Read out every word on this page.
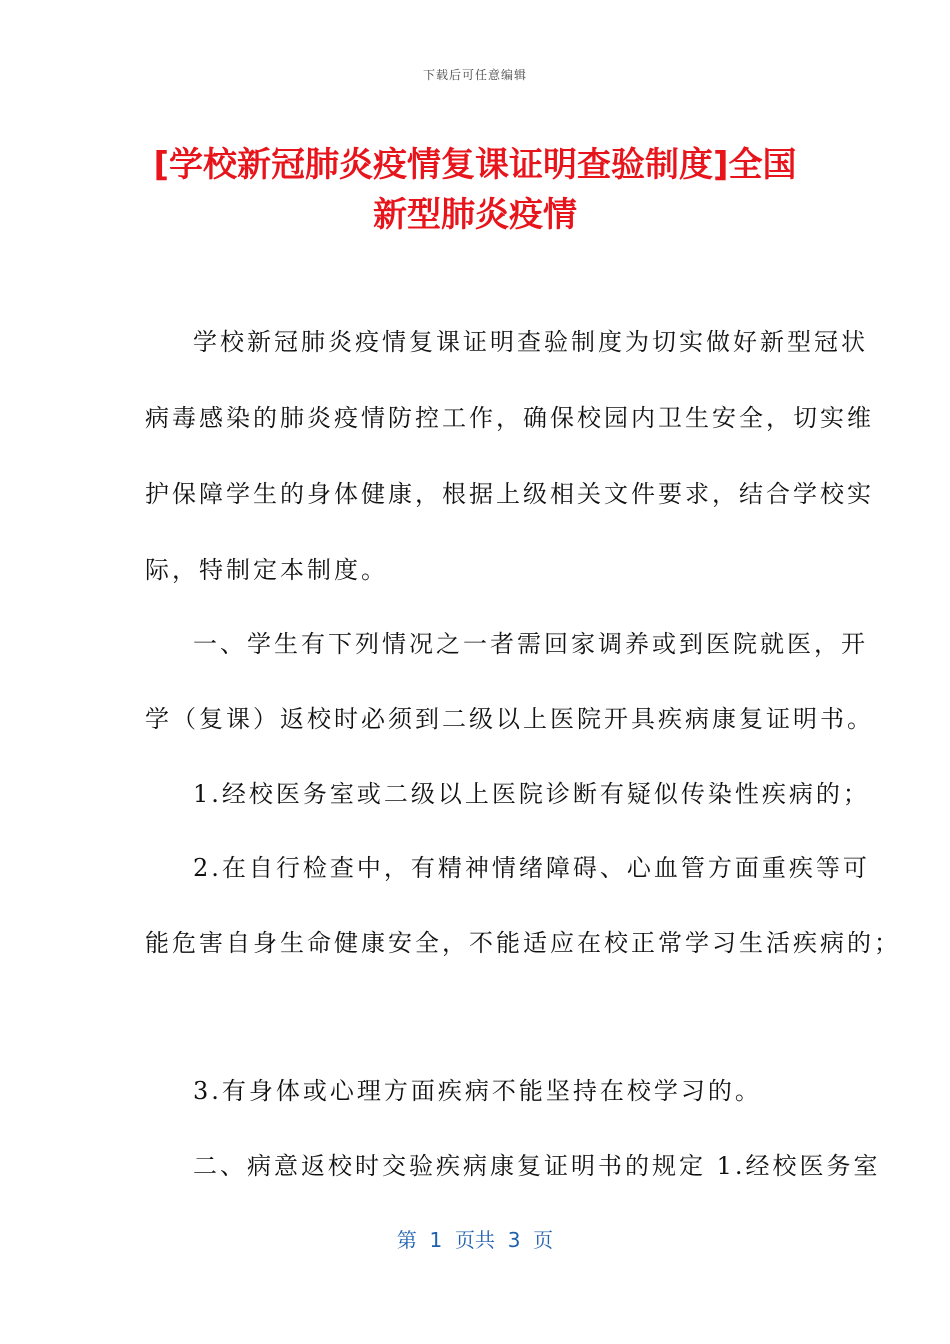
下载后可任意编辑
[学校新冠肺炎疫情复课证明查验制度]全国
新型肺炎疫情
学校新冠肺炎疫情复课证明查验制度为切实做好新型冠状
病毒感染的肺炎疫情防控工作，确保校园内卫生安全，切实维
护保障学生的身体健康，根据上级相关文件要求，结合学校实
际，特制定本制度。
一、学生有下列情况之一者需回家调养或到医院就医，开
学（复课）返校时必须到二级以上医院开具疾病康复证明书。
1.经校医务室或二级以上医院诊断有疑似传染性疾病的；
2.在自行检查中，有精神情绪障碍、心血管方面重疾等可
能危害自身生命健康安全，不能适应在校正常学习生活疾病的；
3.有身体或心理方面疾病不能坚持在校学习的。
二、病意返校时交验疾病康复证明书的规定 1.经校医务室
第  1  页共  3  页
